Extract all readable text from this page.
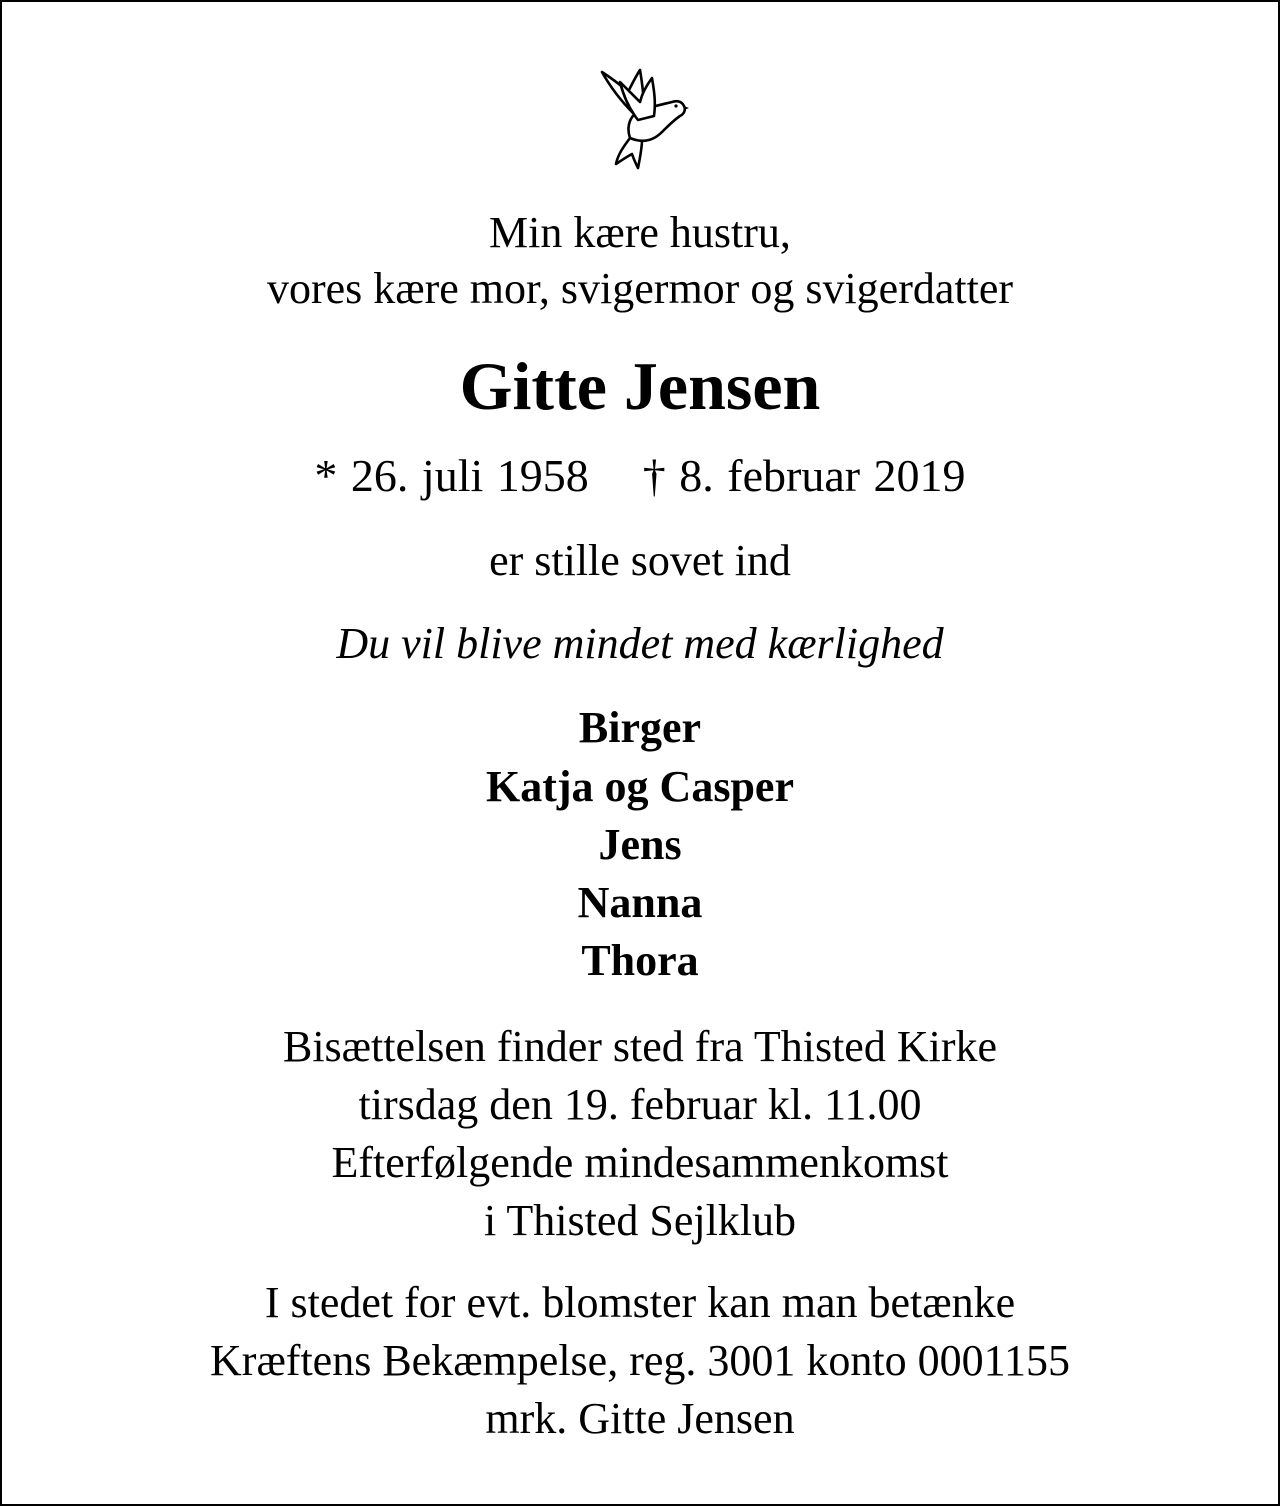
Min kære hustru,
vores kære mor, svigermor og svigerdatter
Gitte Jensen
* 26. juli 1958 † 8. februar 2019
er stille sovet ind
Du vil blive mindet med kærlighed
Birger
Katja og Casper
Jens
Nanna
Thora
Bisættelsen finder sted fra Thisted Kirke
tirsdag den 19. februar kl. 11.00
Efterfølgende mindesammenkomst
i Thisted Sejlklub
I stedet for evt. blomster kan man betænke
Kræftens Bekæmpelse, reg. 3001 konto 0001155
mrk. Gitte Jensen
